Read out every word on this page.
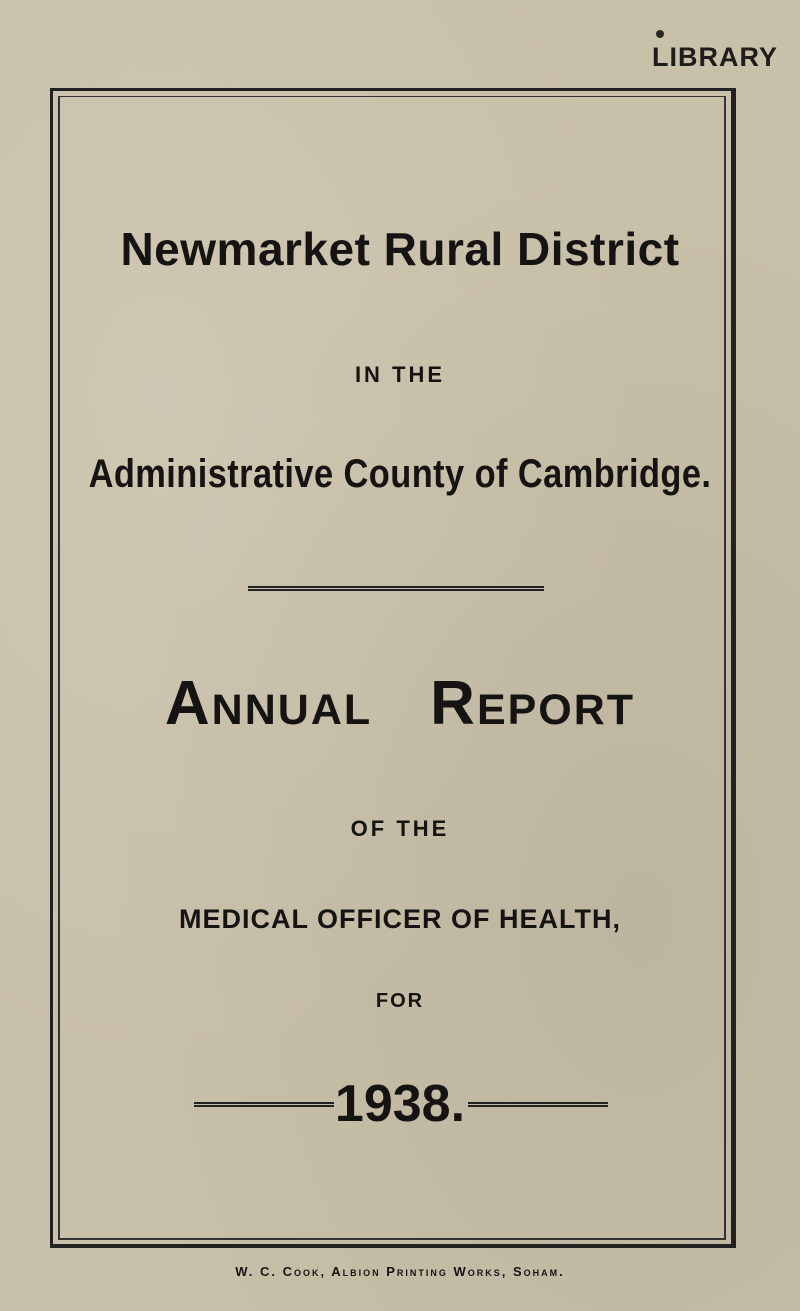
LIBRARY
Newmarket Rural District
IN THE
Administrative County of Cambridge.
Annual Report
OF THE
MEDICAL OFFICER OF HEALTH,
FOR
1938.
W. C. Cook, Albion Printing Works, Soham.
